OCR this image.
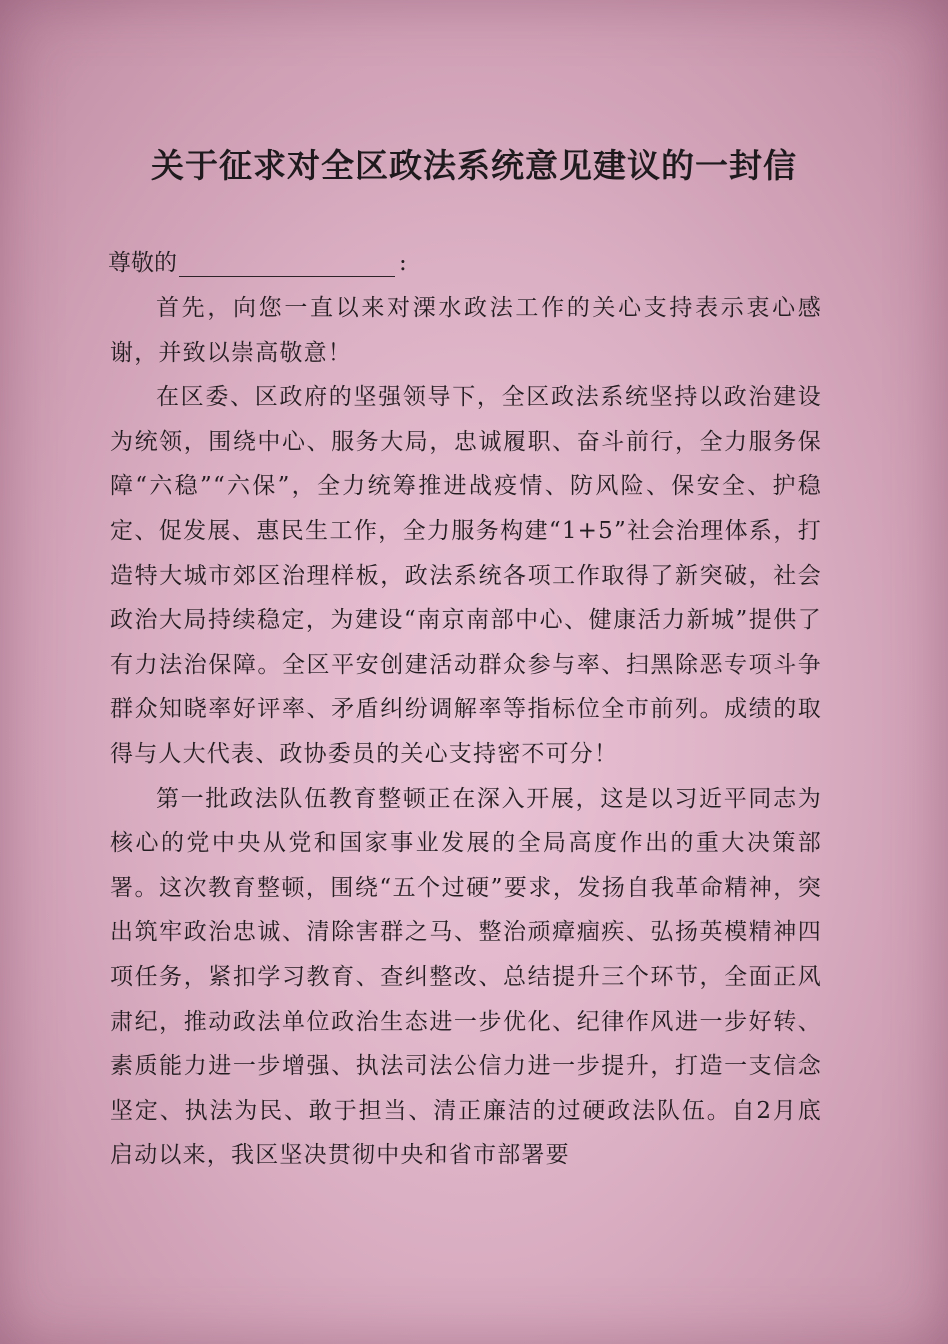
关于征求对全区政法系统意见建议的一封信
尊敬的	:

首先，向您一直以来对溧水政法工作的关心支持表示衷心感谢，并致以崇高敬意！

在区委、区政府的坚强领导下，全区政法系统坚持以政治建设为统领，围绕中心、服务大局，忠诚履职、奋斗前行，全力服务保障“六稳”“六保”，全力统筹推进战疫情、防风险、保安全、护稳定、促发展、惠民生工作，全力服务构建“1+5”社会治理体系，打造特大城市郊区治理样板，政法系统各项工作取得了新突破，社会政治大局持续稳定，为建设“南京南部中心、健康活力新城”提供了有力法治保障。全区平安创建活动群众参与率、扫黑除恶专项斗争群众知晓率好评率、矛盾纠纷调解率等指标位全市前列。成绩的取得与人大代表、政协委员的关心支持密不可分！

第一批政法队伍教育整顿正在深入开展，这是以习近平同志为核心的党中央从党和国家事业发展的全局高度作出的重大决策部署。这次教育整顿，围绕“五个过硬”要求，发扬自我革命精神，突出筑牢政治忠诚、清除害群之马、整治顽瘴痼疾、弘扬英模精神四项任务，紧扣学习教育、查纠整改、总结提升三个环节，全面正风肃纪，推动政法单位政治生态进一步优化、纪律作风进一步好转、素质能力进一步增强、执法司法公信力进一步提升，打造一支信念坚定、执法为民、敢于担当、清正廉洁的过硬政法队伍。自2月底启动以来，我区坚决贯彻中央和省市部署要
